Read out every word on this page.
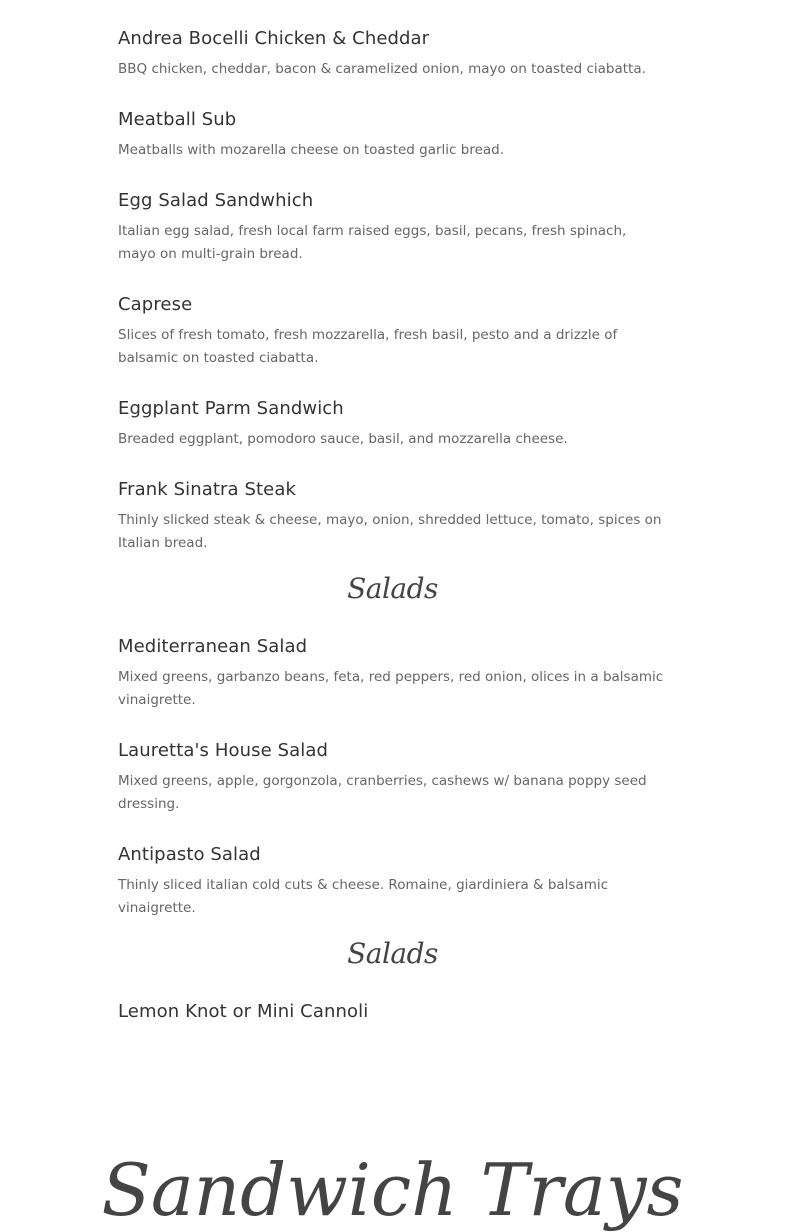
Andrea Bocelli Chicken & Cheddar
BBQ chicken, cheddar, bacon & caramelized onion, mayo on toasted ciabatta.
Meatball Sub
Meatballs with mozarella cheese on toasted garlic bread.
Egg Salad Sandwhich
Italian egg salad, fresh local farm raised eggs, basil, pecans, fresh spinach, mayo on multi-grain bread.
Caprese
Slices of fresh tomato, fresh mozzarella, fresh basil, pesto and a drizzle of balsamic on toasted ciabatta.
Eggplant Parm Sandwich
Breaded eggplant, pomodoro sauce, basil, and mozzarella cheese.
Frank Sinatra Steak
Thinly slicked steak & cheese, mayo, onion, shredded lettuce, tomato, spices on Italian bread.
Mediterranean Salad
Mixed greens, garbanzo beans, feta, red peppers, red onion, olices in a balsamic vinaigrette.
Lauretta's House Salad
Mixed greens, apple, gorgonzola, cranberries, cashews w/ banana poppy seed dressing.
Antipasto Salad
Thinly sliced italian cold cuts & cheese. Romaine, giardiniera & balsamic vinaigrette.
Lemon Knot or Mini Cannoli
Salads
Salads
Sandwich Trays
